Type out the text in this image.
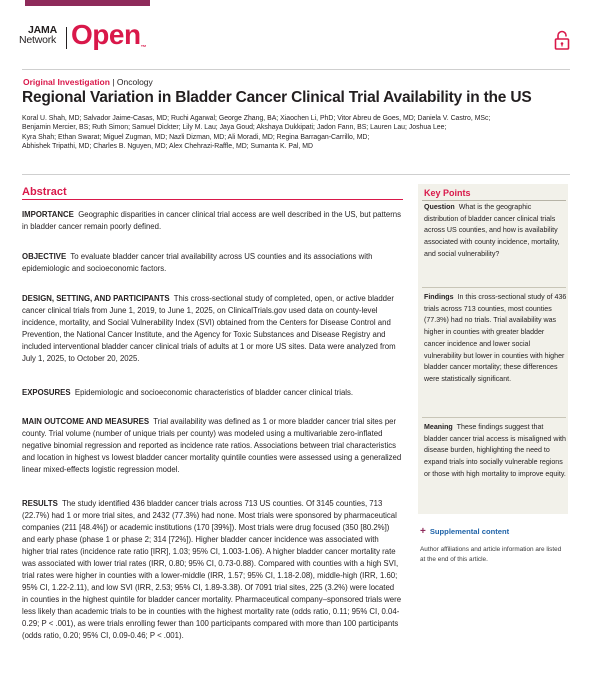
JAMA
Network Open™
Original Investigation | Oncology
Regional Variation in Bladder Cancer Clinical Trial Availability in the US
Koral U. Shah, MD; Salvador Jaime-Casas, MD; Ruchi Agarwal; George Zhang, BA; Xiaochen Li, PhD; Vitor Abreu de Goes, MD; Daniela V. Castro, MSc;
Benjamin Mercier, BS; Ruth Simon; Samuel Dickter; Lily M. Lau; Jaya Goud; Akshaya Dukkipati; Jadon Fann, BS; Lauren Lau; Joshua Lee;
Kyra Shah; Ethan Swarat; Miguel Zugman, MD; Nazli Dizman, MD; Ali Moradi, MD; Regina Barragan-Carrillo, MD;
Abhishek Tripathi, MD; Charles B. Nguyen, MD; Alex Chehrazi-Raffle, MD; Sumanta K. Pal, MD
Abstract

IMPORTANCE Geographic disparities in cancer clinical trial access are well described in the US, but patterns in bladder cancer remain poorly defined.

OBJECTIVE To evaluate bladder cancer trial availability across US counties and its associations with epidemiologic and socioeconomic factors.

DESIGN, SETTING, AND PARTICIPANTS This cross-sectional study of completed, open, or active bladder cancer clinical trials from June 1, 2019, to June 1, 2025, on ClinicalTrials.gov used data on county-level incidence, mortality, and Social Vulnerability Index (SVI) obtained from the Centers for Disease Control and Prevention, the National Cancer Institute, and the Agency for Toxic Substances and Disease Registry and included interventional bladder cancer clinical trials of adults at 1 or more US sites. Data were analyzed from July 1, 2025, to October 20, 2025.

EXPOSURES Epidemiologic and socioeconomic characteristics of bladder cancer clinical trials.

MAIN OUTCOME AND MEASURES Trial availability was defined as 1 or more bladder cancer trial sites per county. Trial volume (number of unique trials per county) was modeled using a multivariable zero-inflated negative binomial regression and reported as incidence rate ratios. Associations between trial characteristics and location in highest vs lowest bladder cancer mortality quintile counties were assessed using a generalized linear mixed-effects logistic regression model.

RESULTS The study identified 436 bladder cancer trials across 713 US counties. Of 3145 counties, 713 (22.7%) had 1 or more trial sites, and 2432 (77.3%) had none. Most trials were sponsored by pharmaceutical companies (211 [48.4%]) or academic institutions (170 [39%]). Most trials were drug focused (350 [80.2%]) and early phase (phase 1 or phase 2; 314 [72%]). Higher bladder cancer incidence was associated with higher trial rates (incidence rate ratio [IRR], 1.03; 95% CI, 1.003-1.06). A higher bladder cancer mortality rate was associated with lower trial rates (IRR, 0.80; 95% CI, 0.73-0.88). Compared with counties with a high SVI, trial rates were higher in counties with a lower-middle (IRR, 1.57; 95% CI, 1.18-2.08), middle-high (IRR, 1.60; 95% CI, 1.22-2.11), and low SVI (IRR, 2.53; 95% CI, 1.89-3.38). Of 7091 trial sites, 225 (3.2%) were located in counties in the highest quintile for bladder cancer mortality. Pharmaceutical company–sponsored trials were less likely than academic trials to be in counties with the highest mortality rate (odds ratio, 0.11; 95% CI, 0.04-0.29; P < .001), as were trials enrolling fewer than 100 participants compared with more than 100 participants (odds ratio, 0.20; 95% CI, 0.09-0.46; P < .001).

Key Points

Question What is the geographic distribution of bladder cancer clinical trials across US counties, and how is availability associated with county incidence, mortality, and social vulnerability?

Findings In this cross-sectional study of 436 trials across 713 counties, most counties (77.3%) had no trials. Trial availability was higher in counties with greater bladder cancer incidence and lower social vulnerability but lower in counties with higher bladder cancer mortality; these differences were statistically significant.

Meaning These findings suggest that bladder cancer trial access is misaligned with disease burden, highlighting the need to expand trials into socially vulnerable regions or those with high mortality to improve equity.

+ Supplemental content
Author affiliations and article information are listed at the end of this article.
